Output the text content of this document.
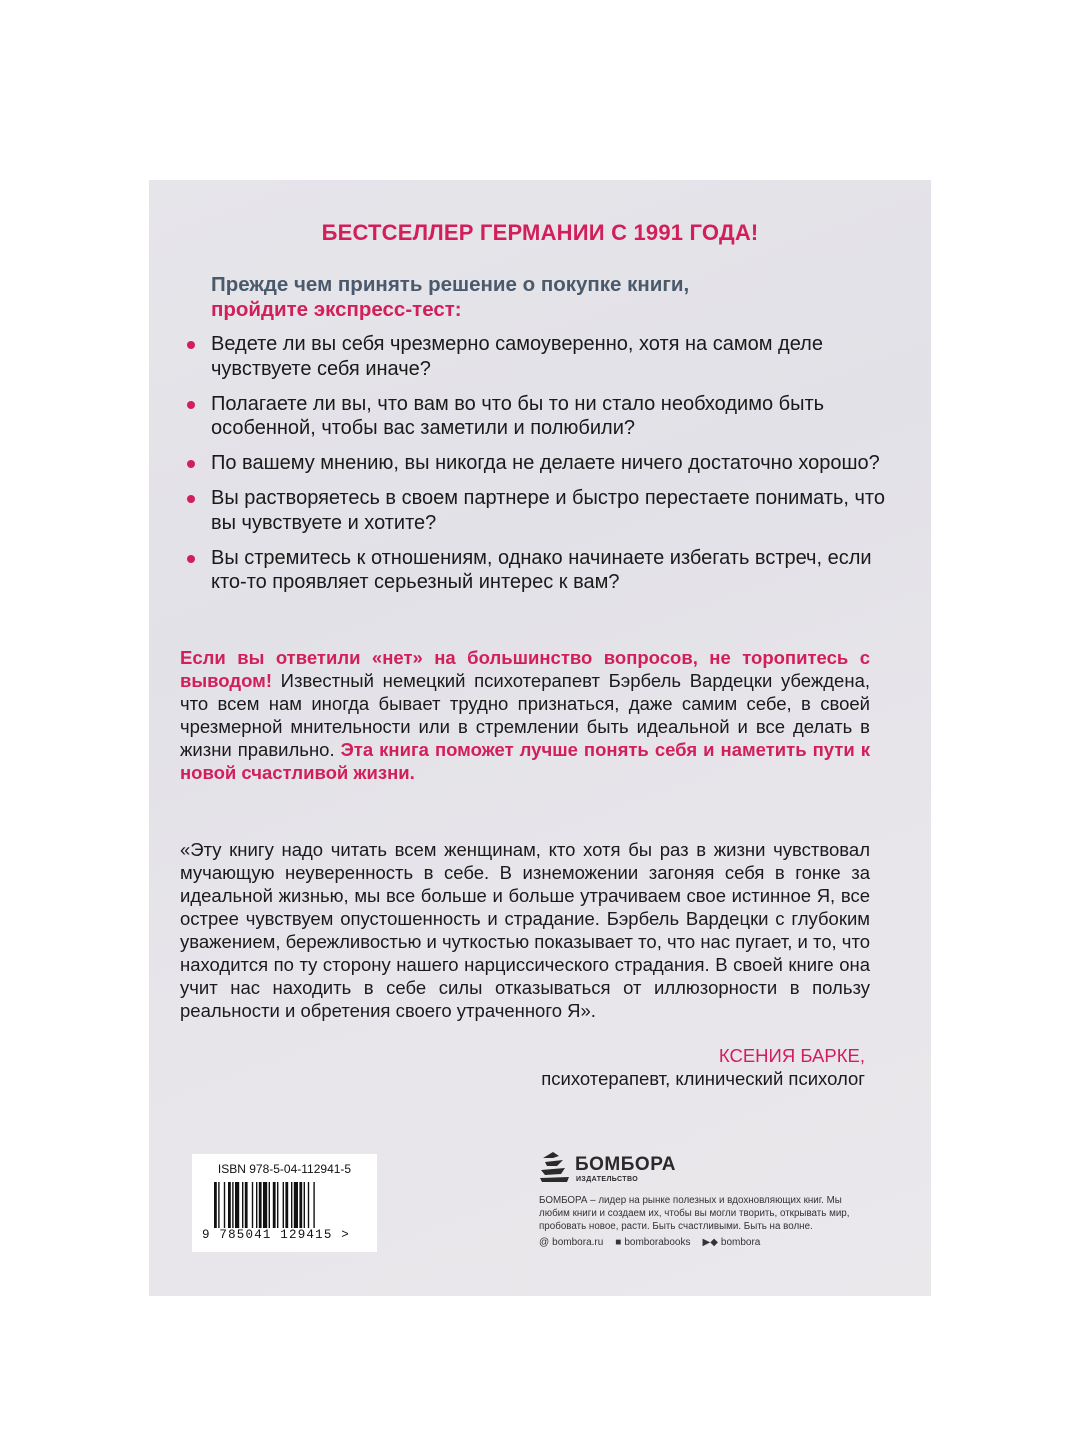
БЕСТСЕЛЛЕР ГЕРМАНИИ С 1991 ГОДА!
Прежде чем принять решение о покупке книги,
пройдите экспресс-тест:
Ведете ли вы себя чрезмерно самоуверенно, хотя на самом деле чувствуете себя иначе?
Полагаете ли вы, что вам во что бы то ни стало необходимо быть особенной, чтобы вас заметили и полюбили?
По вашему мнению, вы никогда не делаете ничего достаточно хорошо?
Вы растворяетесь в своем партнере и быстро перестаете понимать, что вы чувствуете и хотите?
Вы стремитесь к отношениям, однако начинаете избегать встреч, если кто-то проявляет серьезный интерес к вам?
Если вы ответили «нет» на большинство вопросов, не торопитесь с выводом! Известный немецкий психотерапевт Бэрбель Вардецки убеждена, что всем нам иногда бывает трудно признаться, даже самим себе, в своей чрезмерной мнительности или в стремлении быть идеальной и все делать в жизни правильно. Эта книга поможет лучше понять себя и наметить пути к новой счастливой жизни.
«Эту книгу надо читать всем женщинам, кто хотя бы раз в жизни чувствовал мучающую неуверенность в себе. В изнеможении загоняя себя в гонке за идеальной жизнью, мы все больше и больше утрачиваем свое истинное Я, все острее чувствуем опустошенность и страдание. Бэрбель Вардецки с глубоким уважением, бережливостью и чуткостью показывает то, что нас пугает, и то, что находится по ту сторону нашего нарциссического страдания. В своей книге она учит нас находить в себе силы отказываться от иллюзорности в пользу реальности и обретения своего утраченного Я».
КСЕНИЯ БАРКЕ,
психотерапевт, клинический психолог
ISBN 978-5-04-112941-5
9 785041 129415 >
БОМБОРА
ИЗДАТЕЛЬСТВО
БОМБОРА – лидер на рынке полезных и вдохновляющих книг. Мы любим книги и создаем их, чтобы вы могли творить, открывать мир, пробовать новое, расти. Быть счастливыми. Быть на волне.
@ bombora.ru ■ bomborabooks ▶◆ bombora
